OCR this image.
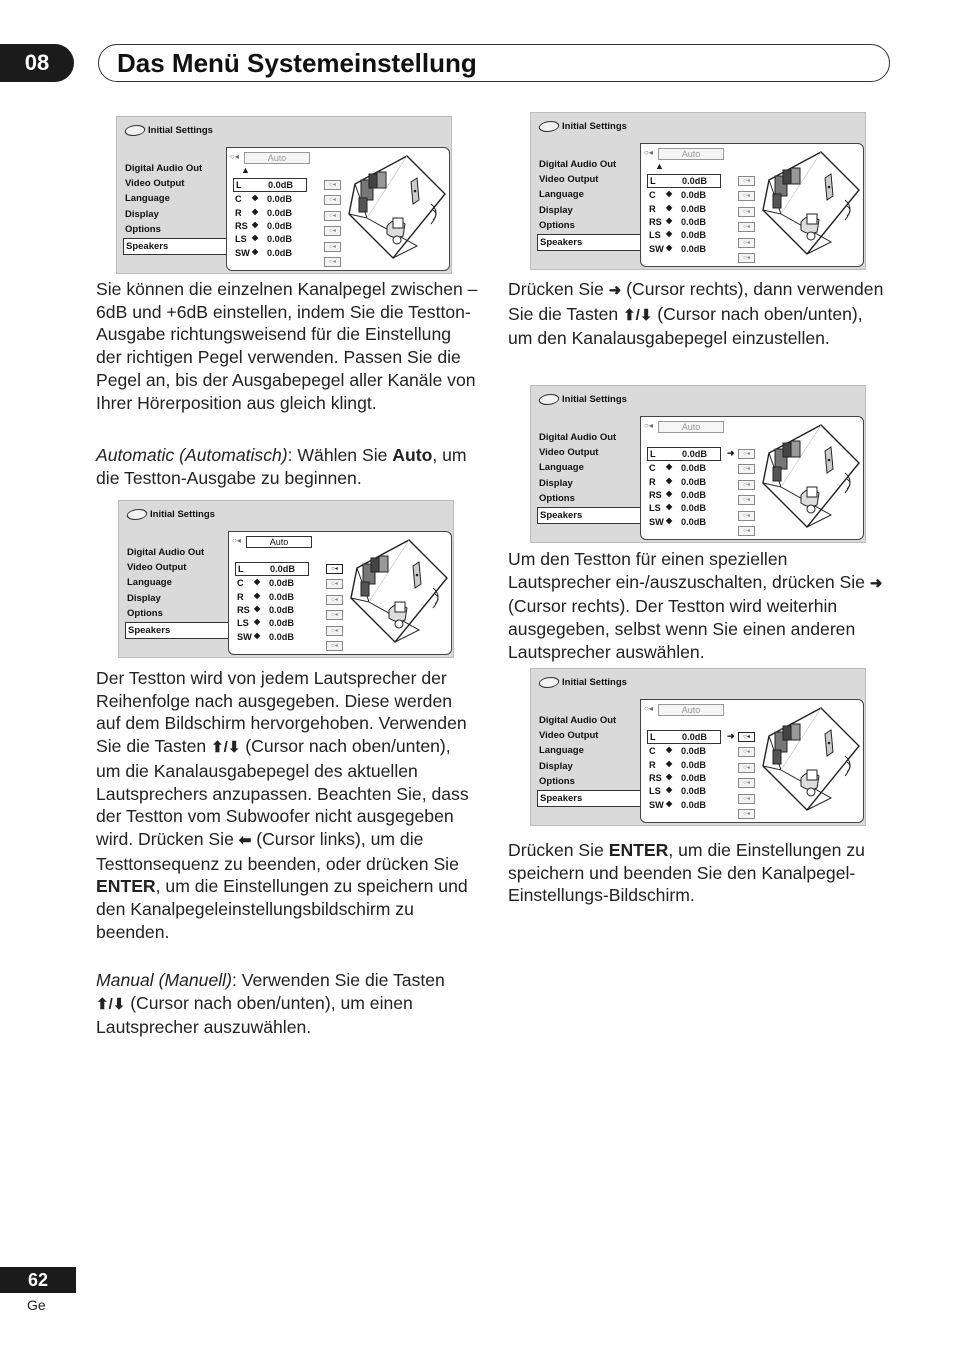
08	Das Menü Systemeinstellung
Initial Settings
Digital Audio Out
Video Output
Language
Display
Options
Speakers
○◂	Auto
▲
L	0.0dB
C ◆ 0.0dB
R ◆ 0.0dB
RS ◆ 0.0dB
LS ◆ 0.0dB
SW ◆ 0.0dB
○◂
○◂
○◂
○◂
○◂
○◂
Initial Settings
Digital Audio Out
Video Output
Language
Display
Options
Speakers
○◂	Auto
L	0.0dB
C ◆ 0.0dB
R ◆ 0.0dB
RS ◆ 0.0dB
LS ◆ 0.0dB
SW ◆ 0.0dB
○◂
○◂
○◂
○◂
○◂
○◂
Initial Settings
Digital Audio Out
Video Output
Language
Display
Options
Speakers
○◂	Auto
▲
L	0.0dB
C ◆ 0.0dB
R ◆ 0.0dB
RS ◆ 0.0dB
LS ◆ 0.0dB
SW ◆ 0.0dB
○◂
○◂
○◂
○◂
○◂
○◂
Initial Settings
Digital Audio Out
Video Output
Language
Display
Options
Speakers
○◂	Auto
L	0.0dB
C ◆ 0.0dB
R ◆ 0.0dB
RS ◆ 0.0dB
LS ◆ 0.0dB
SW ◆ 0.0dB
➜	○◂
○◂
○◂
○◂
○◂
○◂
Initial Settings
Digital Audio Out
Video Output
Language
Display
Options
Speakers
○◂	Auto
L	0.0dB
C ◆ 0.0dB
R ◆ 0.0dB
RS ◆ 0.0dB
LS ◆ 0.0dB
SW ◆ 0.0dB
➜	○◂
○◂
○◂
○◂
○◂
○◂

Sie können die einzelnen Kanalpegel zwischen –6dB und +6dB einstellen, indem Sie die Testton-Ausgabe richtungsweisend für die Einstellung der richtigen Pegel verwenden. Passen Sie die Pegel an, bis der Ausgabepegel aller Kanäle von Ihrer Hörerposition aus gleich klingt.

Automatic (Automatisch): Wählen Sie Auto, um die Testton-Ausgabe zu beginnen.

Der Testton wird von jedem Lautsprecher der Reihenfolge nach ausgegeben. Diese werden auf dem Bildschirm hervorgehoben. Verwenden Sie die Tasten ⬆/⬇ (Cursor nach oben/unten), um die Kanalausgabepegel des aktuellen Lautsprechers anzupassen. Beachten Sie, dass der Testton vom Subwoofer nicht ausgegeben wird. Drücken Sie ⬅ (Cursor links), um die Testtonsequenz zu beenden, oder drücken Sie ENTER, um die Einstellungen zu speichern und den Kanalpegeleinstellungsbildschirm zu beenden.

Manual (Manuell): Verwenden Sie die Tasten ⬆/⬇ (Cursor nach oben/unten), um einen Lautsprecher auszuwählen.

Drücken Sie ➜ (Cursor rechts), dann verwenden Sie die Tasten ⬆/⬇ (Cursor nach oben/unten), um den Kanalausgabepegel einzustellen.

Um den Testton für einen speziellen Lautsprecher ein-/auszuschalten, drücken Sie ➜ (Cursor rechts). Der Testton wird weiterhin ausgegeben, selbst wenn Sie einen anderen Lautsprecher auswählen.

Drücken Sie ENTER, um die Einstellungen zu speichern und beenden Sie den Kanalpegel-Einstellungs-Bildschirm.

62
Ge
